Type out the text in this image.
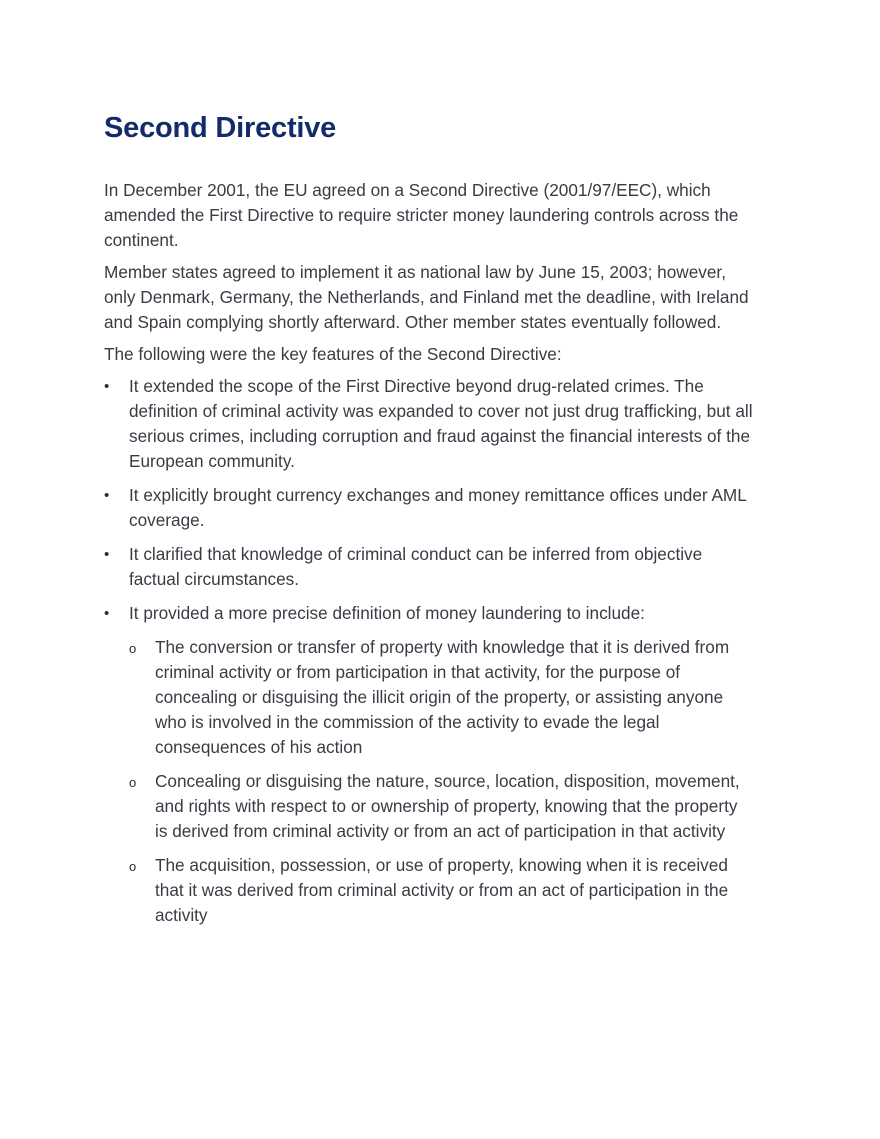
Second Directive

In December 2001, the EU agreed on a Second Directive (2001/97/EEC), which amended the First Directive to require stricter money laundering controls across the continent.

Member states agreed to implement it as national law by June 15, 2003; however, only Denmark, Germany, the Netherlands, and Finland met the deadline, with Ireland and Spain complying shortly afterward. Other member states eventually followed.

The following were the key features of the Second Directive:

•	It extended the scope of the First Directive beyond drug-related crimes. The definition of criminal activity was expanded to cover not just drug trafficking, but all serious crimes, including corruption and fraud against the financial interests of the European community.
•	It explicitly brought currency exchanges and money remittance offices under AML coverage.
•	It clarified that knowledge of criminal conduct can be inferred from objective factual circumstances.
•	It provided a more precise definition of money laundering to include:
o The conversion or transfer of property with knowledge that it is derived from criminal activity or from participation in that activity, for the purpose of concealing or disguising the illicit origin of the property, or assisting anyone who is involved in the commission of the activity to evade the legal consequences of his action
o Concealing or disguising the nature, source, location, disposition, movement, and rights with respect to or ownership of property, knowing that the property is derived from criminal activity or from an act of participation in that activity
o The acquisition, possession, or use of property, knowing when it is received that it was derived from criminal activity or from an act of participation in the activity
